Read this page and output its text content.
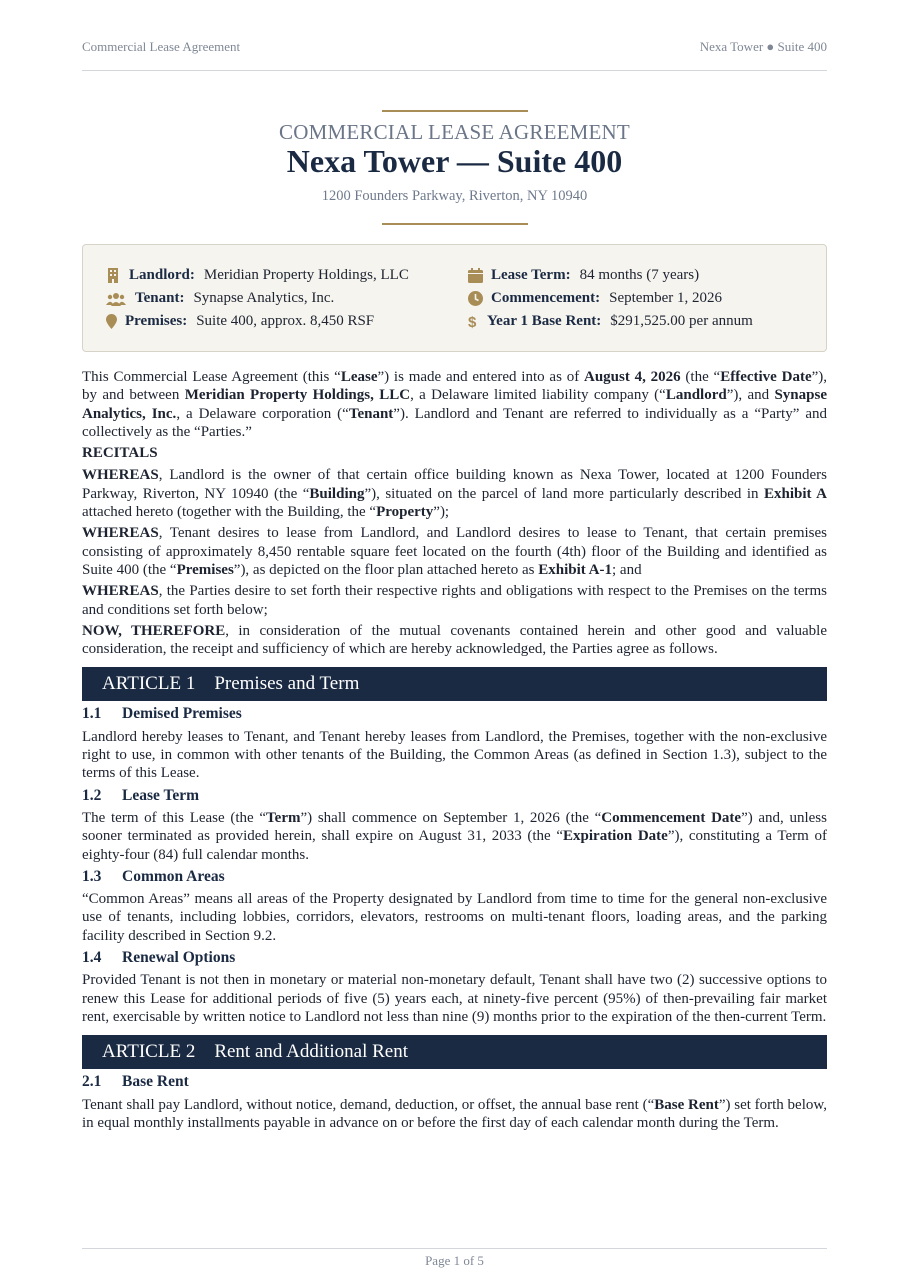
Commercial Lease Agreement	Nexa Tower ● Suite 400
COMMERCIAL LEASE AGREEMENT
Nexa Tower — Suite 400
1200 Founders Parkway, Riverton, NY 10940
Landlord: Meridian Property Holdings, LLC
Tenant: Synapse Analytics, Inc.
Premises: Suite 400, approx. 8,450 RSF
Lease Term: 84 months (7 years)
Commencement: September 1, 2026
$ Year 1 Base Rent: $291,525.00 per annum

This Commercial Lease Agreement (this “Lease”) is made and entered into as of August 4, 2026 (the “Effective Date”), by and between Meridian Property Holdings, LLC, a Delaware limited liability company (“Landlord”), and Synapse Analytics, Inc., a Delaware corporation (“Tenant”). Landlord and Tenant are referred to individually as a “Party” and collectively as the “Parties.”

RECITALS

WHEREAS, Landlord is the owner of that certain office building known as Nexa Tower, located at 1200 Founders Parkway, Riverton, NY 10940 (the “Building”), situated on the parcel of land more particularly described in Exhibit A attached hereto (together with the Building, the “Property”);

WHEREAS, Tenant desires to lease from Landlord, and Landlord desires to lease to Tenant, that certain premises consisting of approximately 8,450 rentable square feet located on the fourth (4th) floor of the Building and identified as Suite 400 (the “Premises”), as depicted on the floor plan attached hereto as Exhibit A-1; and

WHEREAS, the Parties desire to set forth their respective rights and obligations with respect to the Premises on the terms and conditions set forth below;

NOW, THEREFORE, in consideration of the mutual covenants contained herein and other good and valuable consideration, the receipt and sufficiency of which are hereby acknowledged, the Parties agree as follows.

ARTICLE 1 Premises and Term
1.1 Demised Premises

Landlord hereby leases to Tenant, and Tenant hereby leases from Landlord, the Premises, together with the non-exclusive right to use, in common with other tenants of the Building, the Common Areas (as defined in Section 1.3), subject to the terms of this Lease.

1.2 Lease Term

The term of this Lease (the “Term”) shall commence on September 1, 2026 (the “Commencement Date”) and, unless sooner terminated as provided herein, shall expire on August 31, 2033 (the “Expiration Date”), constituting a Term of eighty-four (84) full calendar months.

1.3 Common Areas

“Common Areas” means all areas of the Property designated by Landlord from time to time for the general non-exclusive use of tenants, including lobbies, corridors, elevators, restrooms on multi-tenant floors, loading areas, and the parking facility described in Section 9.2.

1.4 Renewal Options

Provided Tenant is not then in monetary or material non-monetary default, Tenant shall have two (2) successive options to renew this Lease for additional periods of five (5) years each, at ninety-five percent (95%) of then-prevailing fair market rent, exercisable by written notice to Landlord not less than nine (9) months prior to the expiration of the then-current Term.

ARTICLE 2 Rent and Additional Rent
2.1 Base Rent

Tenant shall pay Landlord, without notice, demand, deduction, or offset, the annual base rent (“Base Rent”) set forth below, in equal monthly installments payable in advance on or before the first day of each calendar month during the Term.

Page 1 of 5
